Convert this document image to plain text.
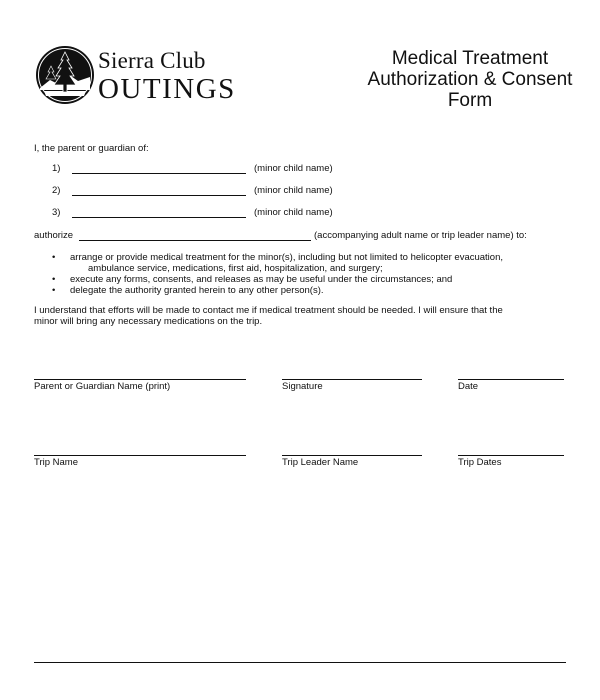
Sierra Club
OUTINGS
Medical Treatment
Authorization & Consent
Form
I, the parent or guardian of:
1)	(minor child name)
2)	(minor child name)
3)	(minor child name)
authorize	(accompanying adult name or trip leader name) to:
• arrange or provide medical treatment for the minor(s), including but not limited to helicopter evacuation,
ambulance service, medications, first aid, hospitalization, and surgery;
• execute any forms, consents, and releases as may be useful under the circumstances; and
• delegate the authority granted herein to any other person(s).
I understand that efforts will be made to contact me if medical treatment should be needed. I will ensure that the
minor will bring any necessary medications on the trip.
Parent or Guardian Name (print)	Signature	Date
Trip Name	Trip Leader Name	Trip Dates
